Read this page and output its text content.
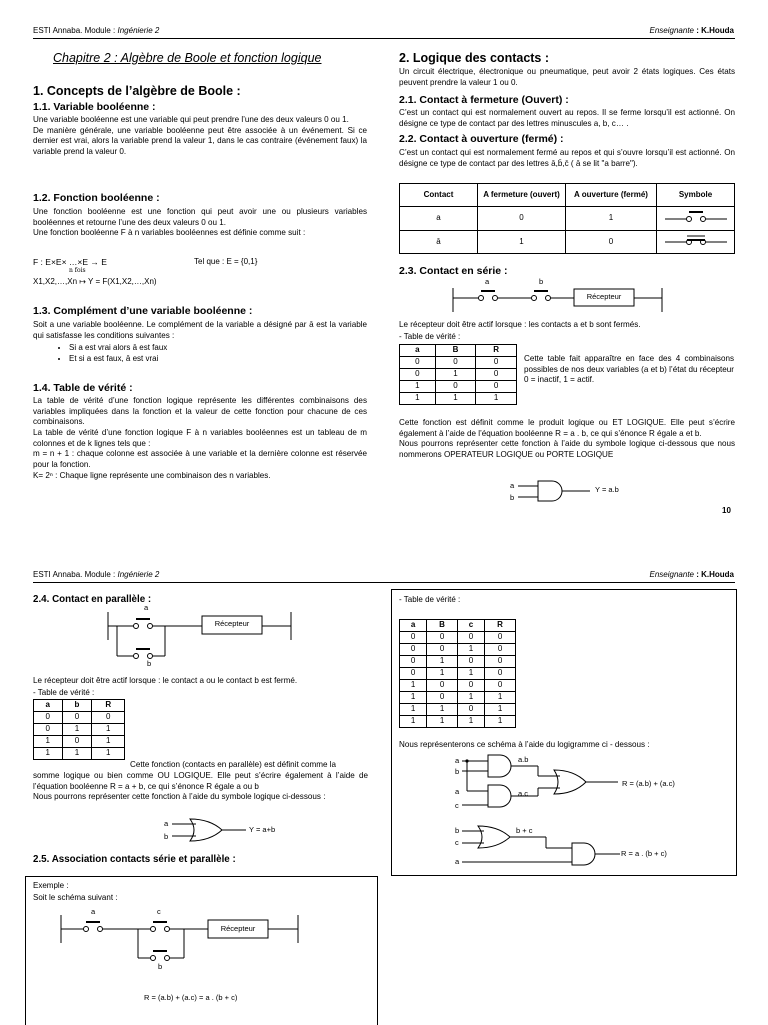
ESTI Annaba. Module : Ingénierie 2	Enseignante : K.Houda
Chapitre 2 : Algèbre de Boole et fonction logique
1. Concepts de l’algèbre de Boole :
1.1. Variable booléenne :
Une variable booléenne est une variable qui peut prendre l’une des deux valeurs 0 ou 1.
De manière générale, une variable booléenne peut être associée à un événement. Si ce dernier est vrai, alors la variable prend la valeur 1, dans le cas contraire (événement faux) la variable prend la valeur 0.
1.2. Fonction booléenne :
Une fonction booléenne est une fonction qui peut avoir une ou plusieurs variables booléennes et retourne l’une des deux valeurs 0 ou 1.
Une fonction booléenne F à n variables booléennes est définie comme suit :
F : E×E× …×E → E
n fois
Tel que : E = {0,1}
X1,X2,…,Xn ↦ Y = F(X1,X2,…,Xn)
1.3. Complément d’une variable booléenne :
Soit a une variable booléenne. Le complément de la variable a désigné par ā est la variable qui satisfasse les conditions suivantes :
• Si a est vrai alors ā est faux
• Et si a est faux, ā est vrai
1.4. Table de vérité :
La table de vérité d’une fonction logique représente les différentes combinaisons des variables impliquées dans la fonction et la valeur de cette fonction pour chacune de ces combinaisons.
La table de vérité d’une fonction logique F à n variables booléennes est un tableau de m colonnes et de k lignes tels que :
m = n + 1 : chaque colonne est associée à une variable et la dernière colonne est réservée pour la fonction.
K= 2ⁿ : Chaque ligne représente une combinaison des n variables.
2. Logique des contacts :
Un circuit électrique, électronique ou pneumatique, peut avoir 2 états logiques. Ces états peuvent prendre la valeur 1 ou 0.
2.1. Contact à fermeture (Ouvert) :
C’est un contact qui est normalement ouvert au repos. Il se ferme lorsqu’il est actionné. On désigne ce type de contact par des lettres minuscules a, b, c… .
2.2. Contact à ouverture (fermé) :
C’est un contact qui est normalement fermé au repos et qui s’ouvre lorsqu’il est actionné. On désigne ce type de contact par des lettres ā,b̄,c̄ ( ā se lit "a barre").
Contact	A fermeture (ouvert)	A ouverture (fermé)	Symbole
a	0	1	
ā	1	0	
2.3. Contact en série :
a	b
Récepteur
Le récepteur doit être actif lorsque : les contacts a et b sont fermés.
- Table de vérité :
a	B	R
0	0	0
0	1	0
1	0	0
1	1	1
Cette table fait apparaître en face des 4 combinaisons possibles de nos deux variables (a et b) l’état du récepteur 0 = inactif, 1 = actif.
Cette fonction est définit comme le produit logique ou ET LOGIQUE. Elle peut s’écrire également à l’aide de l’équation booléenne R = a . b, ce qui s’énonce R égale a et b.
Nous pourrons représenter cette fonction à l’aide du symbole logique ci-dessous que nous nommerons OPERATEUR LOGIQUE ou PORTE LOGIQUE
a
b
Y = a.b
10
ESTI Annaba. Module : Ingénierie 2	Enseignante : K.Houda
2.4. Contact en parallèle :
a
b
Récepteur
Le récepteur doit être actif lorsque : le contact a ou le contact b est fermé.
- Table de vérité :
a	b	R
0	0	0
0	1	1
1	0	1
1	1	1
Cette fonction (contacts en parallèle) est définit comme la
somme logique ou bien comme OU LOGIQUE. Elle peut s’écrire également à l’aide de l’équation booléenne R = a + b, ce qui s’énonce R égale a ou b
Nous pourrons représenter cette fonction à l’aide du symbole logique ci-dessous :
a
b
Y = a+b
2.5. Association contacts série et parallèle :
Exemple :
Soit le schéma suivant :
a	c
b
Récepteur
R = (a.b) + (a.c) = a . (b + c)
- Table de vérité :
a	B	c	R
0	0	0	0
0	0	1	0
0	1	0	0
0	1	1	0
1	0	0	0
1	0	1	1
1	1	0	1
1	1	1	1
Nous représenterons ce schéma à l’aide du logigramme ci - dessous :
a
b
a
c
a.b
a.c
R = (a.b) + (a.c)
b
c
a
b + c
R = a . (b + c)
